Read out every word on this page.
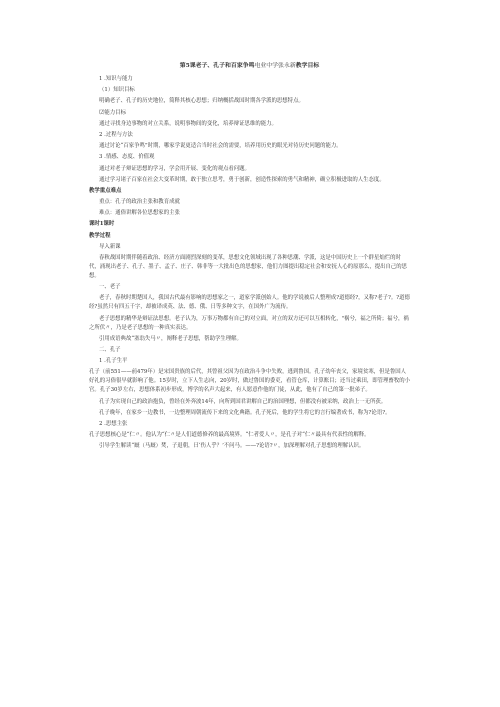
第5课老子、孔子和百家争鸣电业中学张永新教学目标

1 .知识与能力

（1）知识目标

明确老子、孔子的历史地位，简释其核心思想；归纳概括战国时期各学派的思想特点。

⑵能力目标

通过寻找身边事物的对立关系，说明事物间的变化，培养辩证思维的能力。

2 .过程与方法

通过讨论“百家争鸣”时期，哪家学说更适合当时社会的需要，培养用历史的眼光对待历史问题的能力。

3 .情感、态度、价值观

通过对老子辩证思想的学习，学会用开展、变化的观点看问题。

通过学习诸子百家在社会大变革时期，敢于独立思考，勇于创新，创造性探索的勇气和精神，确立积极进取的人生态度。

教学重点难点

重点：孔子的政治主张和教育成就

难点：通俗讲解各位思想家的主张

课时1课时

教学过程

导入新课

春秋战国时期伴随着政治、经济方面剧烈深刻的变革，思想文化领域出现了各种思潮、学派，这是中国历史上一个群星灿烂的时代，涌现出老子、孔子、墨子、孟子、庄子、韩非等一大批出色的思想家，他们力图提出稳定社会和安抚人心的原那么，提出自己的思想。

一、老子

老子，春秋时期楚国人，我国古代最有影响的思想家之一，道家学派创始人。他的学说被后人整理成?道德经?，又称?老子?。?道德经?虽然只有四五千字，却被译成英、法、德、俄、日等多种文字，在国外广为流传。

老子思想的精华是辩证法思想。老子认为，万事万物都有自己的对立面，对立的双方还可以互相转化，"祸兮，福之所倚；福兮，祸之所伏〃，乃是老子思想的一种真实表达。

引用成语典故“塞翁失马〃，阐释老子思想，帮助学生理解。

二、孔子

1 .孔子生平

孔子（前551——前479年）是宋国贵族的后代，其曾祖父因为在政治斗争中失败，逃到鲁国。孔子幼年丧父，家境贫寒，但是鲁国人好礼的习俗很早就影响了他。15岁时，立下人生志向，20岁时，做过鲁国的委吏，看管仓库，计算账目；还当过乘田，即管理畜牧的小官。孔子30岁左右，思想体系初步形成，博学的名声大起来，有人愿意作他的门徒，从此，他有了自己的第一批弟子。

孔子为实现自己的政治抱负，曾经在外奔波14年，向所到国君讲解自己的治国理想，但都没有被采纳，政治上一无所获。

孔子晚年，在家乡一边教书，一边整理周朝流传下来的文化典籍。孔子死后，他的学生将它的言行编著成书，称为?论语?。

2 .思想主张

孔子思想核心是“仁〃。他认为“仁〃是人们道德修养的最高境界。“仁者爱人〃，是孔子对“仁〃最具有代表性的解释。

引导学生解读“厩（马厩）焚，子退朝，曰‘伤人乎？’不问马。——?论语?〃，加深理解对孔子思想的理解认识。
